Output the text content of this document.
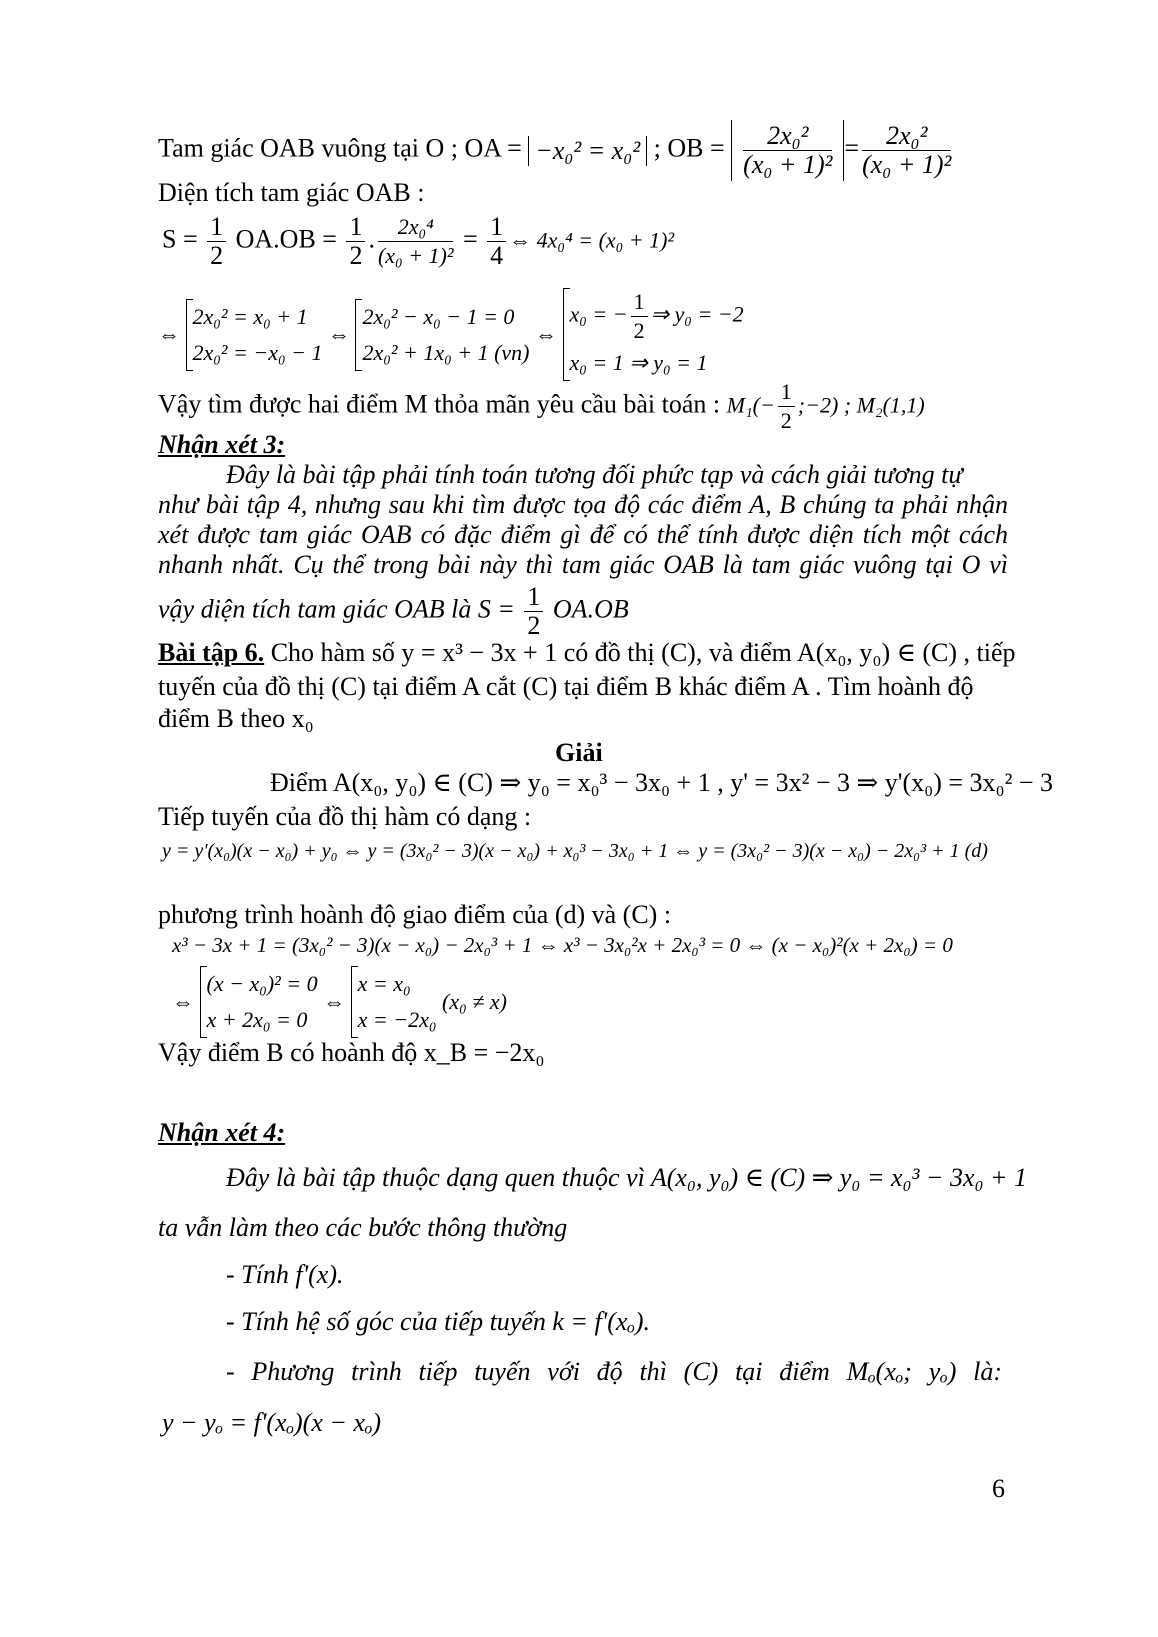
Tam giác OAB vuông tại O ; OA = −x₀² = x₀² ; OB = $\frac{\text{2x₀²}}{\text{(x₀ + 1)²}} = \frac{\text{2x₀²}}{\text{(x₀ + 1)²}}$
Diện tích tam giác OAB :
$S = \frac{1}{2} OA.OB = \frac{1}{2}$ . $\frac{\text{2x₀⁴}}{\text{(x₀ + 1)²}} = \frac{1}{4}$ ⇔ 4x₀⁴ = (x₀ + 1)²
⇔
2x₀² = x₀ + 1
2x₀² = −x₀ − 1
⇔
2x₀² − x₀ − 1 = 0
2x₀² + 1x₀ + 1 (vn)
⇔
x₀ = − $\frac{1}{2}$ ⇒ y₀ = −2
x₀ = 1 ⇒ y₀ = 1
Vậy tìm được hai điểm M thỏa mãn yêu cầu bài toán : $M_1(- \frac{1}{2}$ ;−2) ; M₂(1,1)
Nhận xét 3:
Đây là bài tập phải tính toán tương đối phức tạp và cách giải tương tự
như bài tập 4, nhưng sau khi tìm được tọa độ các điểm A, B chúng ta phải nhận
xét được tam giác OAB có đặc điểm gì để có thể tính được diện tích một cách
nhanh nhất. Cụ thể trong bài này thì tam giác OAB là tam giác vuông tại O vì
vậy diện tích tam giác OAB là $S = \frac{1}{2} OA.OB$
Bài tập 6. Cho hàm số y = x³ − 3x + 1 có đồ thị (C), và điểm A(x₀, y₀) ∈ (C) , tiếp
tuyến của đồ thị (C) tại điểm A cắt (C) tại điểm B khác điểm A . Tìm hoành độ
điểm B theo x₀
Giải
Điểm A(x₀, y₀) ∈ (C) ⇒ y₀ = x₀³ − 3x₀ + 1 , y' = 3x² − 3 ⇒ y'(x₀) = 3x₀² − 3
Tiếp tuyến của đồ thị hàm có dạng :
y = y'(x₀)(x − x₀) + y₀ ⇔ y = (3x₀² − 3)(x − x₀) + x₀³ − 3x₀ + 1 ⇔ y = (3x₀² − 3)(x − x₀) − 2x₀³ + 1 (d)
phương trình hoành độ giao điểm của (d) và (C) :
x³ − 3x + 1 = (3x₀² − 3)(x − x₀) − 2x₀³ + 1 ⇔ x³ − 3x₀²x + 2x₀³ = 0 ⇔ (x − x₀)²(x + 2x₀) = 0
⇔
(x − x₀)² = 0
x + 2x₀ = 0
⇔
x = x₀
x = −2x₀
(x₀ ≠ x)
Vậy điểm B có hoành độ x_B = −2x₀
Nhận xét 4:
Đây là bài tập thuộc dạng quen thuộc vì A(x₀, y₀) ∈ (C) ⇒ y₀ = x₀³ − 3x₀ + 1
ta vẫn làm theo các bước thông thường
- Tính f'(x).
- Tính hệ số góc của tiếp tuyến k = f'(xₒ).
- Phương trình tiếp tuyến với độ thì (C) tại điểm Mₒ(xₒ; yₒ) là:
y − yₒ = f'(xₒ)(x − xₒ)
6
